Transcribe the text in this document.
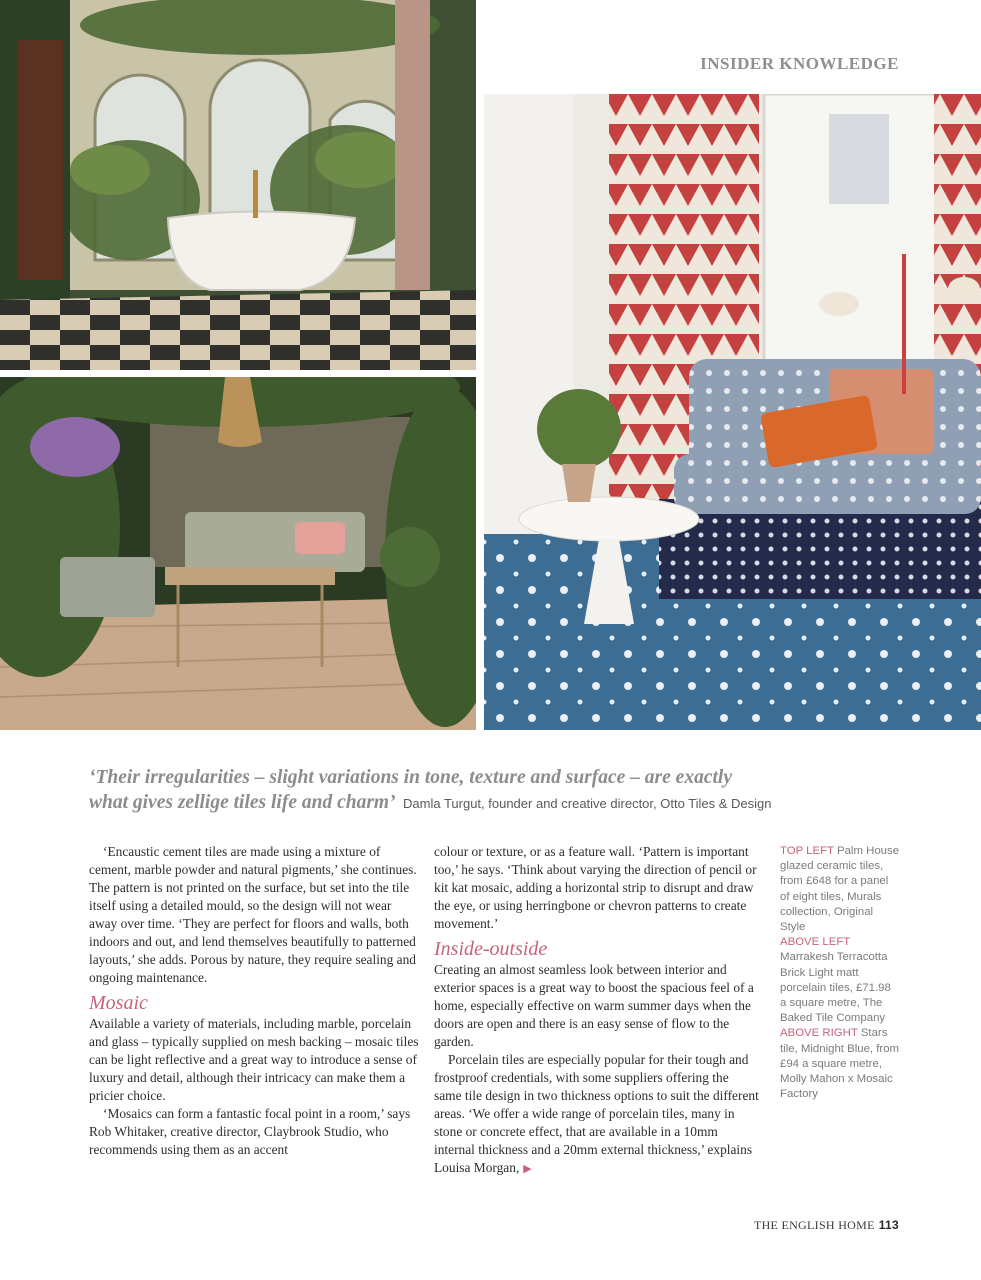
INSIDER KNOWLEDGE
‘Their irregularities – slight variations in tone, texture and surface – are exactly
what gives zellige tiles life and charm’ Damla Turgut, founder and creative director, Otto Tiles & Design

‘Encaustic cement tiles are made using a mixture of cement, marble powder and natural pigments,’ she continues. The pattern is not printed on the surface, but set into the tile itself using a detailed mould, so the design will not wear away over time. ‘They are perfect for floors and walls, both indoors and out, and lend themselves beautifully to patterned layouts,’ she adds. Porous by nature, they require sealing and ongoing maintenance.

Mosaic

Available a variety of materials, including marble, porcelain and glass – typically supplied on mesh backing – mosaic tiles can be light reflective and a great way to introduce a sense of luxury and detail, although their intricacy can make them a pricier choice.

‘Mosaics can form a fantastic focal point in a room,’ says Rob Whitaker, creative director, Claybrook Studio, who recommends using them as an accent

colour or texture, or as a feature wall. ‘Pattern is important too,’ he says. ‘Think about varying the direction of pencil or kit kat mosaic, adding a horizontal strip to disrupt and draw the eye, or using herringbone or chevron patterns to create movement.’

Inside-outside

Creating an almost seamless look between interior and exterior spaces is a great way to boost the spacious feel of a home, especially effective on warm summer days when the doors are open and there is an easy sense of flow to the garden.

Porcelain tiles are especially popular for their tough and frostproof credentials, with some suppliers offering the same tile design in two thickness options to suit the different areas. ‘We offer a wide range of porcelain tiles, many in stone or concrete effect, that are available in a 10mm internal thickness and a 20mm external thickness,’ explains Louisa Morgan, ▶

TOP LEFT Palm House glazed ceramic tiles, from £648 for a panel of eight tiles, Murals collection, Original Style
ABOVE LEFT Marrakesh Terracotta Brick Light matt porcelain tiles, £71.98 a square metre, The Baked Tile Company
ABOVE RIGHT Stars tile, Midnight Blue, from £94 a square metre, Molly Mahon x Mosaic Factory
THE ENGLISH HOME 113
